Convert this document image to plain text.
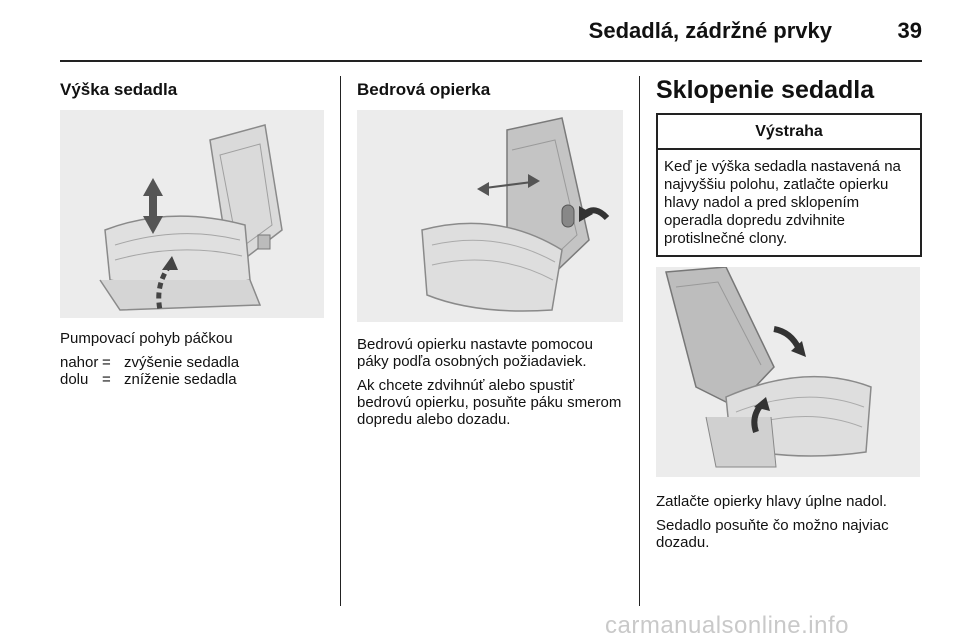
Sedadlá, zádržné prvky	39
Výška sedadla

Pumpovací pohyb páčkou

nahor = zvýšenie sedadla
dolu = zníženie sedadla
Bedrová opierka

Bedrovú opierku nastavte pomocou páky podľa osobných požiadaviek.

Ak chcete zdvihnúť alebo spustiť bedrovú opierku, posuňte páku smerom dopredu alebo dozadu.

Sklopenie sedadla
Výstraha
Keď je výška sedadla nastavená na najvyššiu polohu, zatlačte opierku hlavy nadol a pred sklopením operadla dopredu zdvihnite protislnečné clony.

Zatlačte opierky hlavy úplne nadol.

Sedadlo posuňte čo možno najviac dozadu.

carmanualsonline.info
